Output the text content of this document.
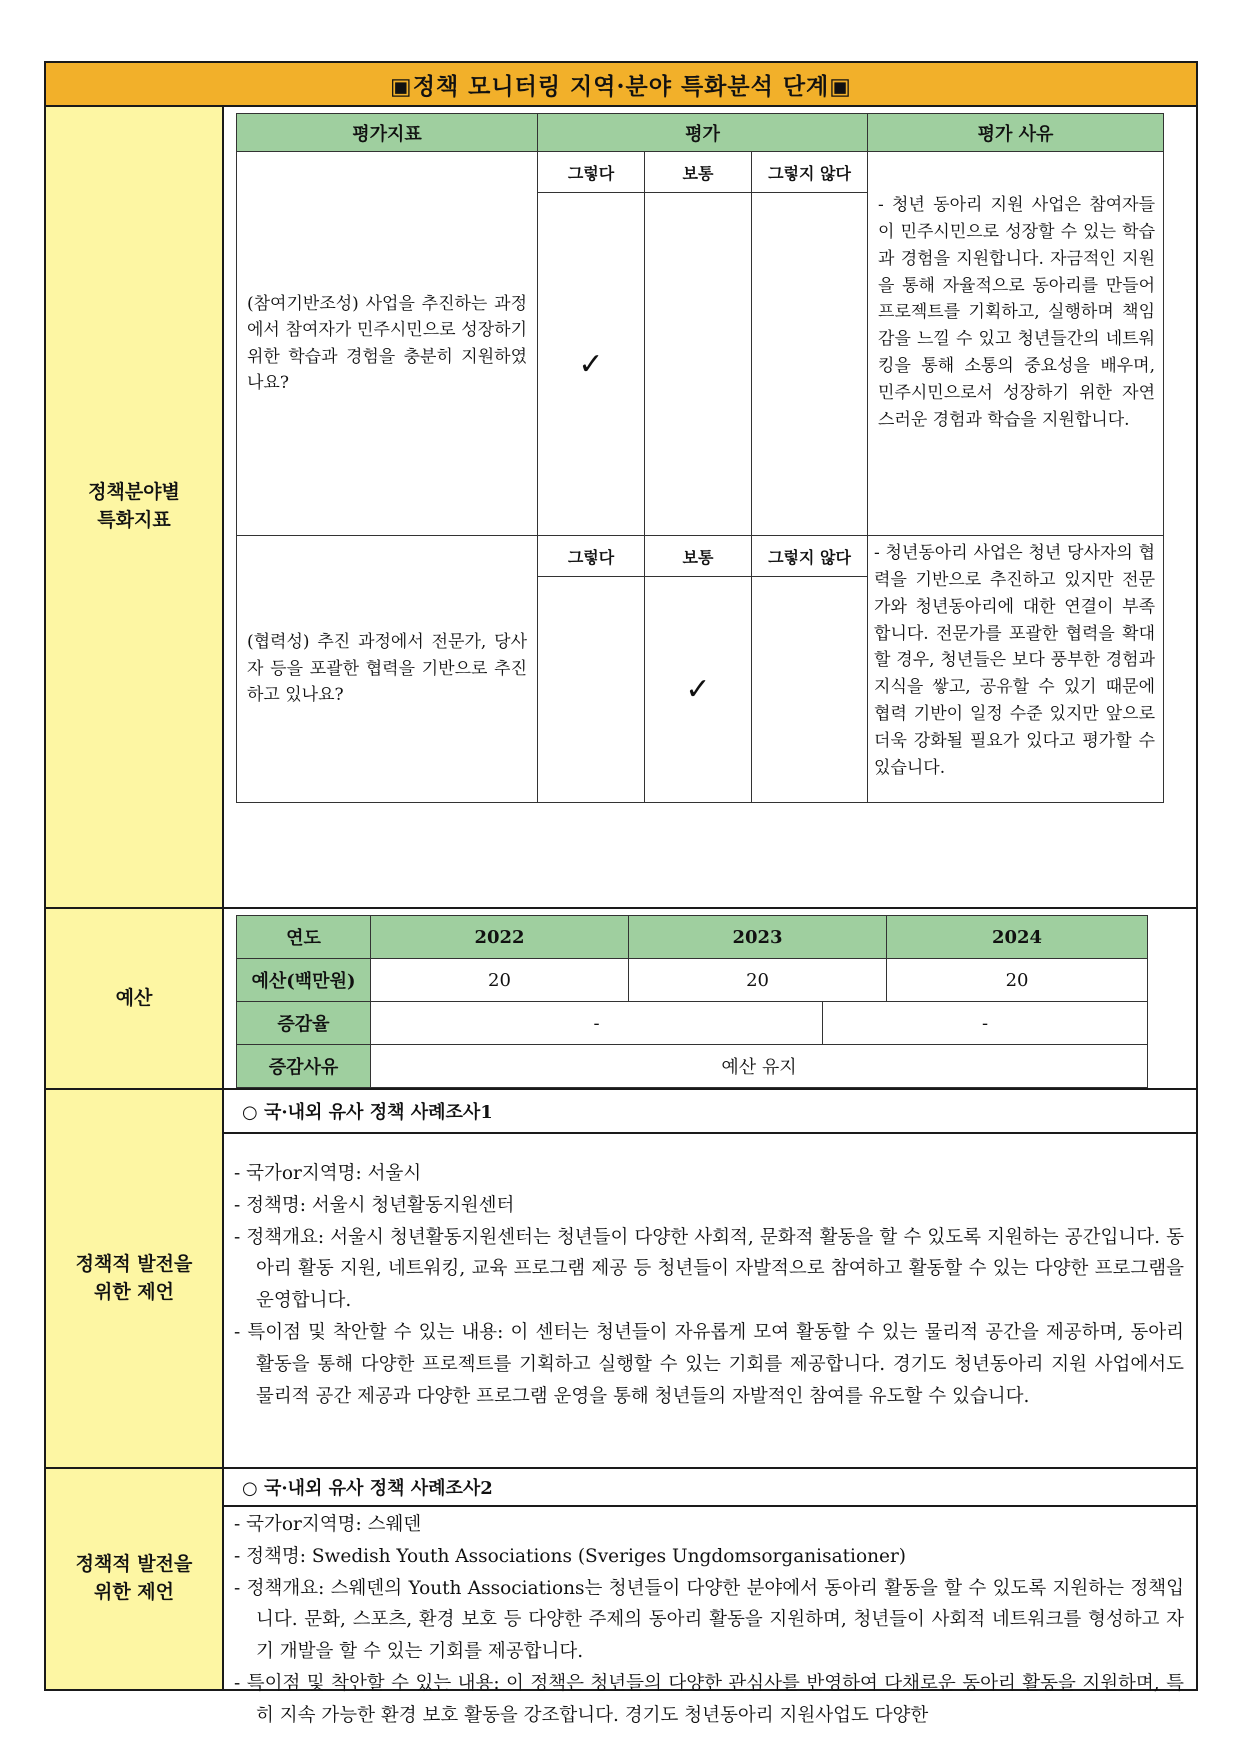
▣정책 모니터링 지역·분야 특화분석 단계▣
정책분야별
특화지표
평가지표	평가			평가 사유
(참여기반조성) 사업을 추진하는 과정에서 참여자가 민주시민으로 성장하기 위한 학습과 경험을 충분히 지원하였나요?	그렇다	보통	그렇지 않다	- 청년 동아리 지원 사업은 참여자들이 민주시민으로 성장할 수 있는 학습과 경험을 지원합니다. 자금적인 지원을 통해 자율적으로 동아리를 만들어 프로젝트를 기획하고, 실행하며 책임감을 느낄 수 있고 청년들간의 네트워킹을 통해 소통의 중요성을 배우며, 민주시민으로서 성장하기 위한 자연스러운 경험과 학습을 지원합니다.
	✓			
(협력성) 추진 과정에서 전문가, 당사자 등을 포괄한 협력을 기반으로 추진하고 있나요?	그렇다	보통	그렇지 않다	- 청년동아리 사업은 청년 당사자의 협력을 기반으로 추진하고 있지만 전문가와 청년동아리에 대한 연결이 부족합니다. 전문가를 포괄한 협력을 확대할 경우, 청년들은 보다 풍부한 경험과 지식을 쌓고, 공유할 수 있기 때문에 협력 기반이 일정 수준 있지만 앞으로 더욱 강화될 필요가 있다고 평가할 수 있습니다.
		✓		
예산
연도	2022	2023		2024
예산(백만원)	20	20		20
증감율	-		-	
증감사유	예산 유지			
정책적 발전을
위한 제언
○ 국·내외 유사 정책 사례조사1

- 국가or지역명: 서울시

- 정책명: 서울시 청년활동지원센터

- 정책개요: 서울시 청년활동지원센터는 청년들이 다양한 사회적, 문화적 활동을 할 수 있도록 지원하는 공간입니다. 동아리 활동 지원, 네트워킹, 교육 프로그램 제공 등 청년들이 자발적으로 참여하고 활동할 수 있는 다양한 프로그램을 운영합니다.

- 특이점 및 착안할 수 있는 내용: 이 센터는 청년들이 자유롭게 모여 활동할 수 있는 물리적 공간을 제공하며, 동아리 활동을 통해 다양한 프로젝트를 기획하고 실행할 수 있는 기회를 제공합니다. 경기도 청년동아리 지원 사업에서도 물리적 공간 제공과 다양한 프로그램 운영을 통해 청년들의 자발적인 참여를 유도할 수 있습니다.

정책적 발전을
위한 제언
○ 국·내외 유사 정책 사례조사2

- 국가or지역명: 스웨덴

- 정책명: Swedish Youth Associations (Sveriges Ungdomsorganisationer)

- 정책개요: 스웨덴의 Youth Associations는 청년들이 다양한 분야에서 동아리 활동을 할 수 있도록 지원하는 정책입니다. 문화, 스포츠, 환경 보호 등 다양한 주제의 동아리 활동을 지원하며, 청년들이 사회적 네트워크를 형성하고 자기 개발을 할 수 있는 기회를 제공합니다.

- 특이점 및 착안할 수 있는 내용: 이 정책은 청년들의 다양한 관심사를 반영하여 다채로운 동아리 활동을 지원하며, 특히 지속 가능한 환경 보호 활동을 강조합니다. 경기도 청년동아리 지원사업도 다양한
